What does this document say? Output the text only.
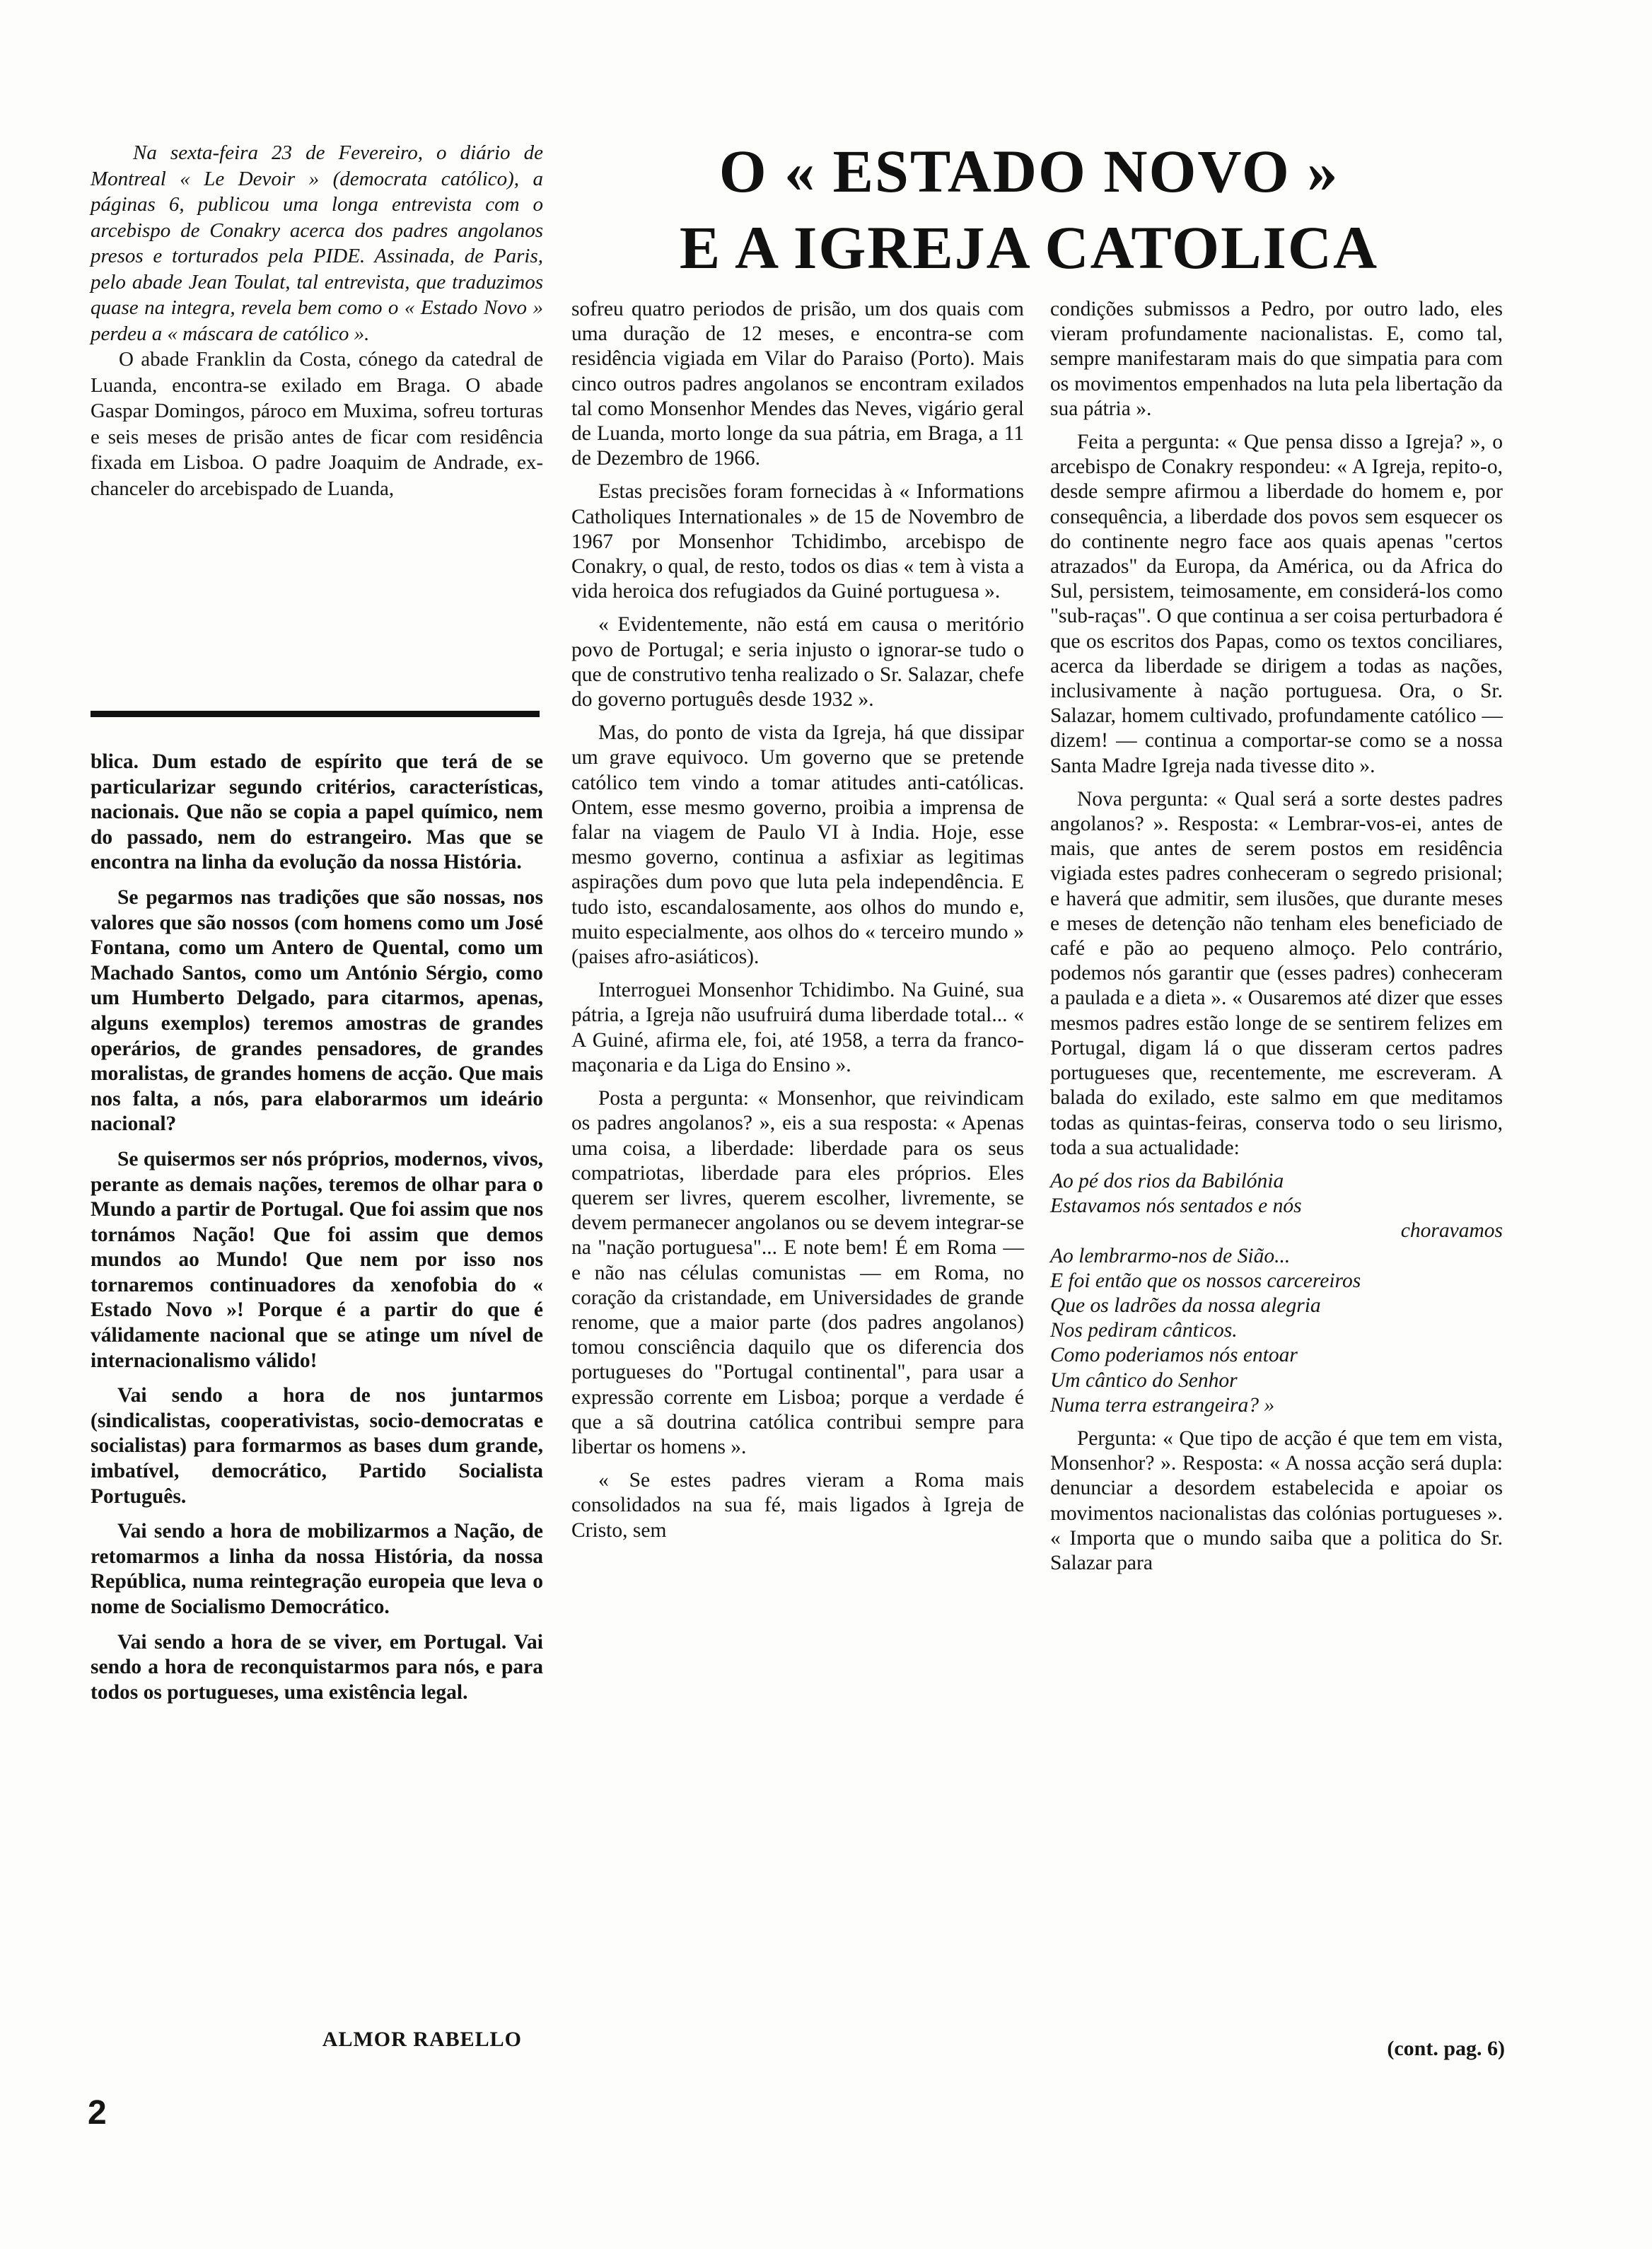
Na sexta-feira 23 de Fevereiro, o diário de Montreal « Le Devoir » (democrata católico), a páginas 6, publicou uma longa entrevista com o arcebispo de Conakry acerca dos padres angolanos presos e torturados pela PIDE. Assinada, de Paris, pelo abade Jean Toulat, tal entrevista, que traduzimos quase na integra, revela bem como o « Estado Novo » perdeu a « máscara de católico ».

O abade Franklin da Costa, cónego da catedral de Luanda, encontra-se exilado em Braga. O abade Gaspar Domingos, pároco em Muxima, sofreu torturas e seis meses de prisão antes de ficar com residência fixada em Lisboa. O padre Joaquim de Andrade, ex-chanceler do arcebispado de Luanda,

blica. Dum estado de espírito que terá de se particularizar segundo critérios, características, nacionais. Que não se copia a papel químico, nem do passado, nem do estrangeiro. Mas que se encontra na linha da evolução da nossa História.

Se pegarmos nas tradições que são nossas, nos valores que são nossos (com homens como um José Fontana, como um Antero de Quental, como um Machado Santos, como um António Sérgio, como um Humberto Delgado, para citarmos, apenas, alguns exemplos) teremos amostras de grandes operários, de grandes pensadores, de grandes moralistas, de grandes homens de acção. Que mais nos falta, a nós, para elaborarmos um ideário nacional?

Se quisermos ser nós próprios, modernos, vivos, perante as demais nações, teremos de olhar para o Mundo a partir de Portugal. Que foi assim que nos tornámos Nação! Que foi assim que demos mundos ao Mundo! Que nem por isso nos tornaremos continuadores da xenofobia do « Estado Novo »! Porque é a partir do que é válidamente nacional que se atinge um nível de internacionalismo válido!

Vai sendo a hora de nos juntarmos (sindicalistas, cooperativistas, socio-democratas e socialistas) para formarmos as bases dum grande, imbatível, democrático, Partido Socialista Português.

Vai sendo a hora de mobilizarmos a Nação, de retomarmos a linha da nossa História, da nossa República, numa reintegração europeia que leva o nome de Socialismo Democrático.

Vai sendo a hora de se viver, em Portugal. Vai sendo a hora de reconquistarmos para nós, e para todos os portugueses, uma existência legal.

ALMOR RABELLO
2
O « ESTADO NOVO »
E A IGREJA CATOLICA

sofreu quatro periodos de prisão, um dos quais com uma duração de 12 meses, e encontra-se com residência vigiada em Vilar do Paraiso (Porto). Mais cinco outros padres angolanos se encontram exilados tal como Monsenhor Mendes das Neves, vigário geral de Luanda, morto longe da sua pátria, em Braga, a 11 de Dezembro de 1966.

Estas precisões foram fornecidas à « Informations Catholiques Internationales » de 15 de Novembro de 1967 por Monsenhor Tchidimbo, arcebispo de Conakry, o qual, de resto, todos os dias « tem à vista a vida heroica dos refugiados da Guiné portuguesa ».

« Evidentemente, não está em causa o meritório povo de Portugal; e seria injusto o ignorar-se tudo o que de construtivo tenha realizado o Sr. Salazar, chefe do governo português desde 1932 ».

Mas, do ponto de vista da Igreja, há que dissipar um grave equivoco. Um governo que se pretende católico tem vindo a tomar atitudes anti-católicas. Ontem, esse mesmo governo, proibia a imprensa de falar na viagem de Paulo VI à India. Hoje, esse mesmo governo, continua a asfixiar as legitimas aspirações dum povo que luta pela independência. E tudo isto, escandalosamente, aos olhos do mundo e, muito especialmente, aos olhos do « terceiro mundo » (paises afro-asiáticos).

Interroguei Monsenhor Tchidimbo. Na Guiné, sua pátria, a Igreja não usufruirá duma liberdade total... « A Guiné, afirma ele, foi, até 1958, a terra da franco-maçonaria e da Liga do Ensino ».

Posta a pergunta: « Monsenhor, que reivindicam os padres angolanos? », eis a sua resposta: « Apenas uma coisa, a liberdade: liberdade para os seus compatriotas, liberdade para eles próprios. Eles querem ser livres, querem escolher, livremente, se devem permanecer angolanos ou se devem integrar-se na "nação portuguesa"... E note bem! É em Roma — e não nas células comunistas — em Roma, no coração da cristandade, em Universidades de grande renome, que a maior parte (dos padres angolanos) tomou consciência daquilo que os diferencia dos portugueses do "Portugal continental", para usar a expressão corrente em Lisboa; porque a verdade é que a sã doutrina católica contribui sempre para libertar os homens ».

« Se estes padres vieram a Roma mais consolidados na sua fé, mais ligados à Igreja de Cristo, sem

condições submissos a Pedro, por outro lado, eles vieram profundamente nacionalistas. E, como tal, sempre manifestaram mais do que simpatia para com os movimentos empenhados na luta pela libertação da sua pátria ».

Feita a pergunta: « Que pensa disso a Igreja? », o arcebispo de Conakry respondeu: « A Igreja, repito-o, desde sempre afirmou a liberdade do homem e, por consequência, a liberdade dos povos sem esquecer os do continente negro face aos quais apenas "certos atrazados" da Europa, da América, ou da Africa do Sul, persistem, teimosamente, em considerá-los como "sub-raças". O que continua a ser coisa perturbadora é que os escritos dos Papas, como os textos conciliares, acerca da liberdade se dirigem a todas as nações, inclusivamente à nação portuguesa. Ora, o Sr. Salazar, homem cultivado, profundamente católico — dizem! — continua a comportar-se como se a nossa Santa Madre Igreja nada tivesse dito ».

Nova pergunta: « Qual será a sorte destes padres angolanos? ». Resposta: « Lembrar-vos-ei, antes de mais, que antes de serem postos em residência vigiada estes padres conheceram o segredo prisional; e haverá que admitir, sem ilusões, que durante meses e meses de detenção não tenham eles beneficiado de café e pão ao pequeno almoço. Pelo contrário, podemos nós garantir que (esses padres) conheceram a paulada e a dieta ». « Ousaremos até dizer que esses mesmos padres estão longe de se sentirem felizes em Portugal, digam lá o que disseram certos padres portugueses que, recentemente, me escreveram. A balada do exilado, este salmo em que meditamos todas as quintas-feiras, conserva todo o seu lirismo, toda a sua actualidade:

Ao pé dos rios da Babilónia

Estavamos nós sentados e nós

choravamos

Ao lembrarmo-nos de Sião...

E foi então que os nossos carcereiros

Que os ladrões da nossa alegria

Nos pediram cânticos.

Como poderiamos nós entoar

Um cântico do Senhor

Numa terra estrangeira? »

Pergunta: « Que tipo de acção é que tem em vista, Monsenhor? ». Resposta: « A nossa acção será dupla: denunciar a desordem estabelecida e apoiar os movimentos nacionalistas das colónias portugueses ». « Importa que o mundo saiba que a politica do Sr. Salazar para

(cont. pag. 6)
